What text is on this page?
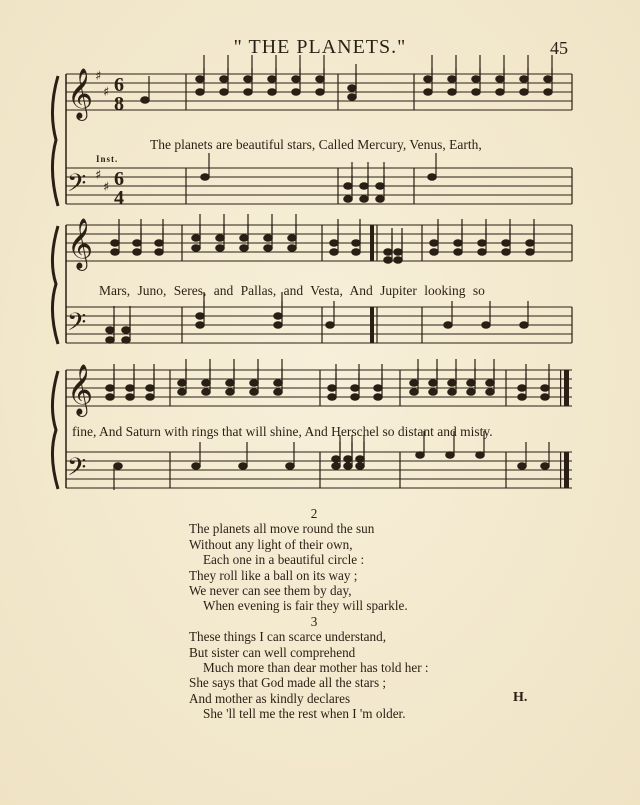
" THE PLANETS."	45
𝄞
𝄞
𝄞
𝄢
𝄢
𝄢
♯
♯
♯
♯
6
8
6
4
Inst.
The planets are beautiful stars, Called Mercury, Venus, Earth,
Mars, Juno, Seres, and Pallas, and Vesta, And Jupiter looking so
fine, And Saturn with rings that will shine, And Herschel so distant and misty.
2
The planets all move round the sun
Without any light of their own,
Each one in a beautiful circle :
They roll like a ball on its way ;
We never can see them by day,
When evening is fair they will sparkle.
3
These things I can scarce understand,
But sister can well comprehend
Much more than dear mother has told her :
She says that God made all the stars ;
And mother as kindly declares
She 'll tell me the rest when I 'm older.
H.
